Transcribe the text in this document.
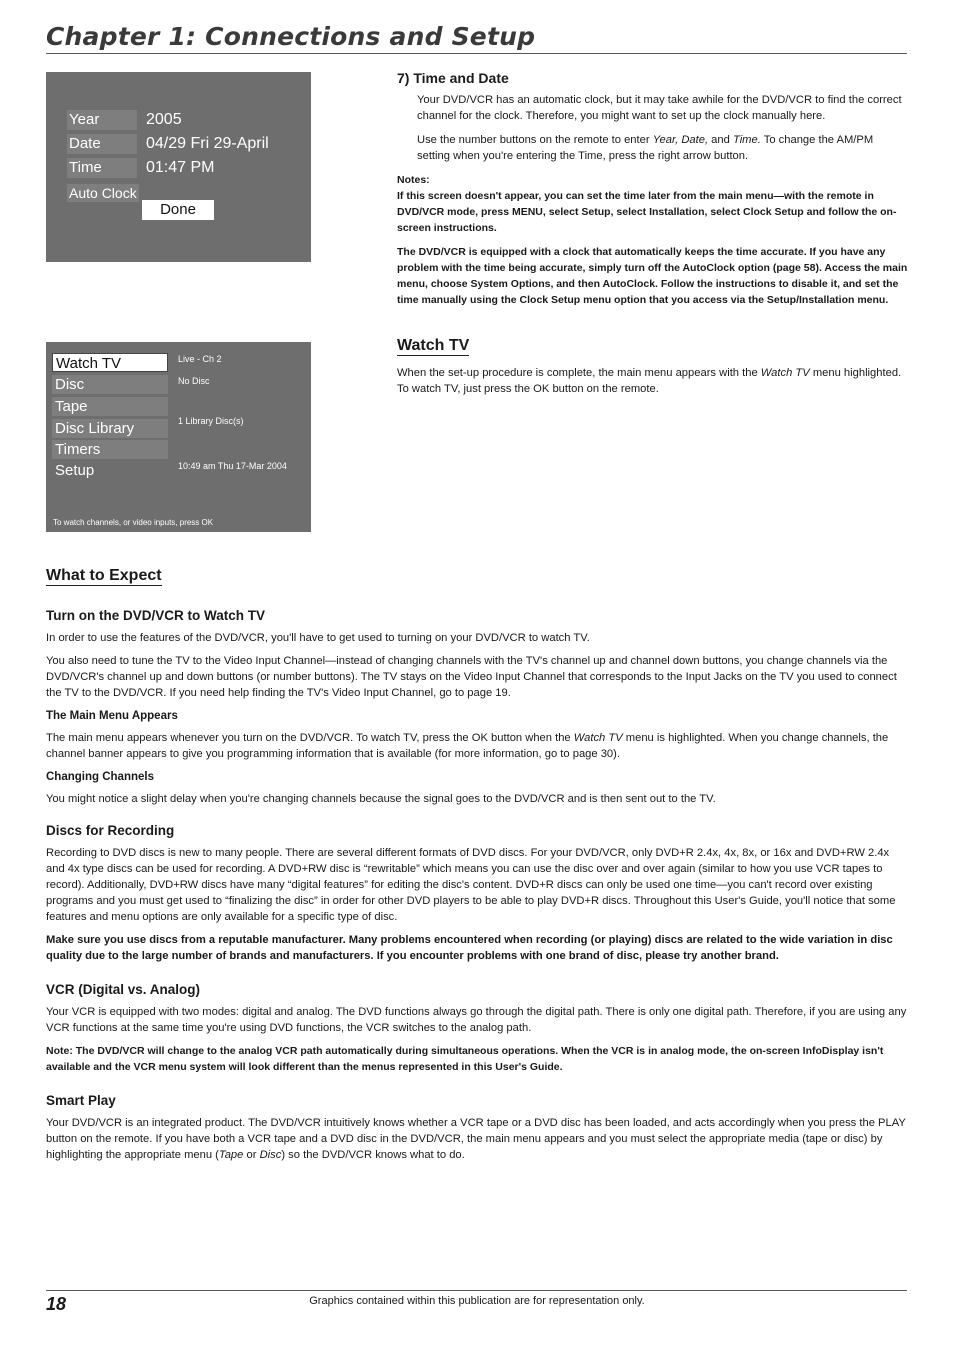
Chapter 1: Connections and Setup
Year	2005
Date	04/29 Fri 29-April
Time	01:47 PM
Auto Clock
Done
Watch TV
Disc
Tape
Disc Library
Timers
Setup
Live - Ch 2
No Disc
1 Library Disc(s)
10:49 am Thu 17-Mar 2004
To watch channels, or video inputs, press OK
7) Time and Date

Your DVD/VCR has an automatic clock, but it may take awhile for the DVD/VCR to find the correct channel for the clock. Therefore, you might want to set up the clock manually here.

Use the number buttons on the remote to enter Year, Date, and Time. To change the AM/PM setting when you're entering the Time, press the right arrow button.

Notes:

If this screen doesn't appear, you can set the time later from the main menu—with the remote in DVD/VCR mode, press MENU, select Setup, select Installation, select Clock Setup and follow the on-screen instructions.

The DVD/VCR is equipped with a clock that automatically keeps the time accurate. If you have any problem with the time being accurate, simply turn off the AutoClock option (page 58). Access the main menu, choose System Options, and then AutoClock. Follow the instructions to disable it, and set the time manually using the Clock Setup menu option that you access via the Setup/Installation menu.

Watch TV

When the set-up procedure is complete, the main menu appears with the Watch TV menu highlighted. To watch TV, just press the OK button on the remote.

What to Expect
Turn on the DVD/VCR to Watch TV

In order to use the features of the DVD/VCR, you'll have to get used to turning on your DVD/VCR to watch TV.

You also need to tune the TV to the Video Input Channel—instead of changing channels with the TV's channel up and channel down buttons, you change channels via the DVD/VCR's channel up and down buttons (or number buttons). The TV stays on the Video Input Channel that corresponds to the Input Jacks on the TV you used to connect the TV to the DVD/VCR. If you need help finding the TV's Video Input Channel, go to page 19.

The Main Menu Appears

The main menu appears whenever you turn on the DVD/VCR. To watch TV, press the OK button when the Watch TV menu is highlighted. When you change channels, the channel banner appears to give you programming information that is available (for more information, go to page 30).

Changing Channels

You might notice a slight delay when you're changing channels because the signal goes to the DVD/VCR and is then sent out to the TV.

Discs for Recording

Recording to DVD discs is new to many people. There are several different formats of DVD discs. For your DVD/VCR, only DVD+R 2.4x, 4x, 8x, or 16x and DVD+RW 2.4x and 4x type discs can be used for recording. A DVD+RW disc is “rewritable” which means you can use the disc over and over again (similar to how you use VCR tapes to record). Additionally, DVD+RW discs have many “digital features” for editing the disc's content. DVD+R discs can only be used one time—you can't record over existing programs and you must get used to “finalizing the disc” in order for other DVD players to be able to play DVD+R discs. Throughout this User's Guide, you'll notice that some features and menu options are only available for a specific type of disc.

Make sure you use discs from a reputable manufacturer. Many problems encountered when recording (or playing) discs are related to the wide variation in disc quality due to the large number of brands and manufacturers. If you encounter problems with one brand of disc, please try another brand.

VCR (Digital vs. Analog)

Your VCR is equipped with two modes: digital and analog. The DVD functions always go through the digital path. There is only one digital path. Therefore, if you are using any VCR functions at the same time you're using DVD functions, the VCR switches to the analog path.

Note: The DVD/VCR will change to the analog VCR path automatically during simultaneous operations. When the VCR is in analog mode, the on-screen InfoDisplay isn't available and the VCR menu system will look different than the menus represented in this User's Guide.

Smart Play

Your DVD/VCR is an integrated product. The DVD/VCR intuitively knows whether a VCR tape or a DVD disc has been loaded, and acts accordingly when you press the PLAY button on the remote. If you have both a VCR tape and a DVD disc in the DVD/VCR, the main menu appears and you must select the appropriate media (tape or disc) by highlighting the appropriate menu (Tape or Disc) so the DVD/VCR knows what to do.

18	Graphics contained within this publication are for representation only.
